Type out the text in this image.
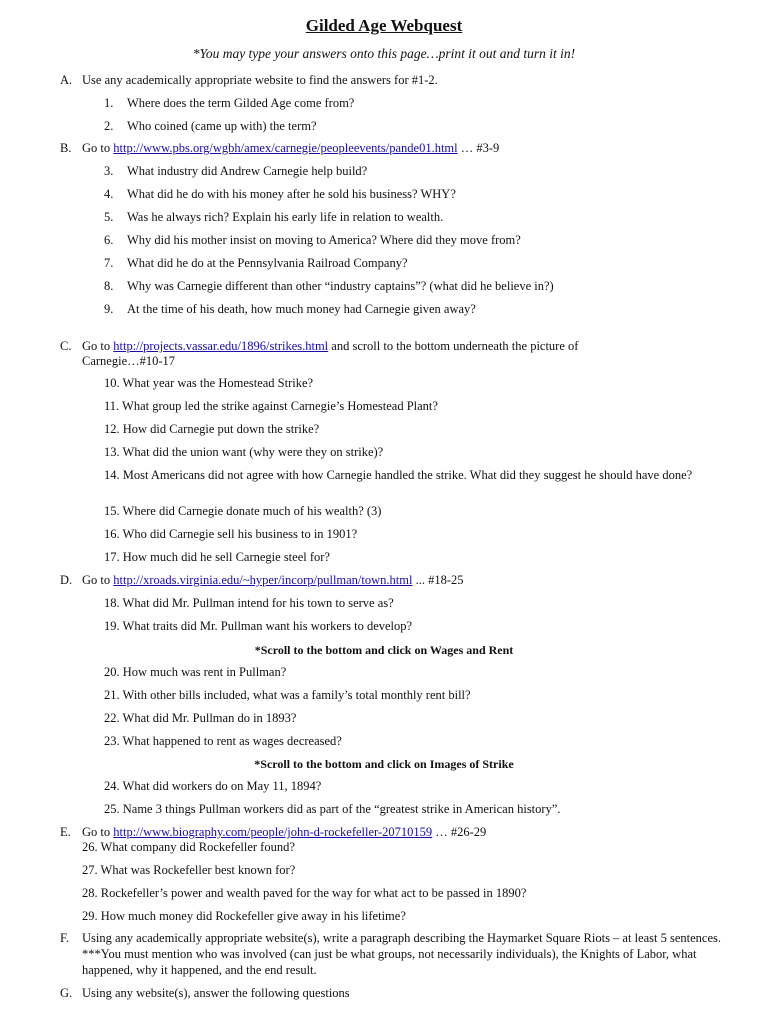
Gilded Age Webquest
*You may type your answers onto this page…print it out and turn it in!
A. Use any academically appropriate website to find the answers for #1-2.
1. Where does the term Gilded Age come from?
2. Who coined (came up with) the term?
B. Go to http://www.pbs.org/wgbh/amex/carnegie/peopleevents/pande01.html … #3-9
3. What industry did Andrew Carnegie help build?
4. What did he do with his money after he sold his business? WHY?
5. Was he always rich? Explain his early life in relation to wealth.
6. Why did his mother insist on moving to America? Where did they move from?
7. What did he do at the Pennsylvania Railroad Company?
8. Why was Carnegie different than other “industry captains”? (what did he believe in?)
9. At the time of his death, how much money had Carnegie given away?
C. Go to http://projects.vassar.edu/1896/strikes.html and scroll to the bottom underneath the picture of
Carnegie…#10-17
10. What year was the Homestead Strike?
11. What group led the strike against Carnegie’s Homestead Plant?
12. How did Carnegie put down the strike?
13. What did the union want (why were they on strike)?
14. Most Americans did not agree with how Carnegie handled the strike. What did they suggest he should have done?
15. Where did Carnegie donate much of his wealth? (3)
16. Who did Carnegie sell his business to in 1901?
17. How much did he sell Carnegie steel for?
D. Go to http://xroads.virginia.edu/~hyper/incorp/pullman/town.html ... #18-25
18. What did Mr. Pullman intend for his town to serve as?
19. What traits did Mr. Pullman want his workers to develop?
*Scroll to the bottom and click on Wages and Rent
20. How much was rent in Pullman?
21. With other bills included, what was a family’s total monthly rent bill?
22. What did Mr. Pullman do in 1893?
23. What happened to rent as wages decreased?
*Scroll to the bottom and click on Images of Strike
24. What did workers do on May 11, 1894?
25. Name 3 things Pullman workers did as part of the “greatest strike in American history”.
E. Go to http://www.biography.com/people/john-d-rockefeller-20710159 … #26-29
26. What company did Rockefeller found?
27. What was Rockefeller best known for?
28. Rockefeller’s power and wealth paved for the way for what act to be passed in 1890?
29. How much money did Rockefeller give away in his lifetime?
F. Using any academically appropriate website(s), write a paragraph describing the Haymarket Square Riots – at least 5 sentences. ***You must mention who was involved (can just be what groups, not necessarily individuals), the Knights of Labor, what happened, why it happened, and the end result.
G. Using any website(s), answer the following questions
